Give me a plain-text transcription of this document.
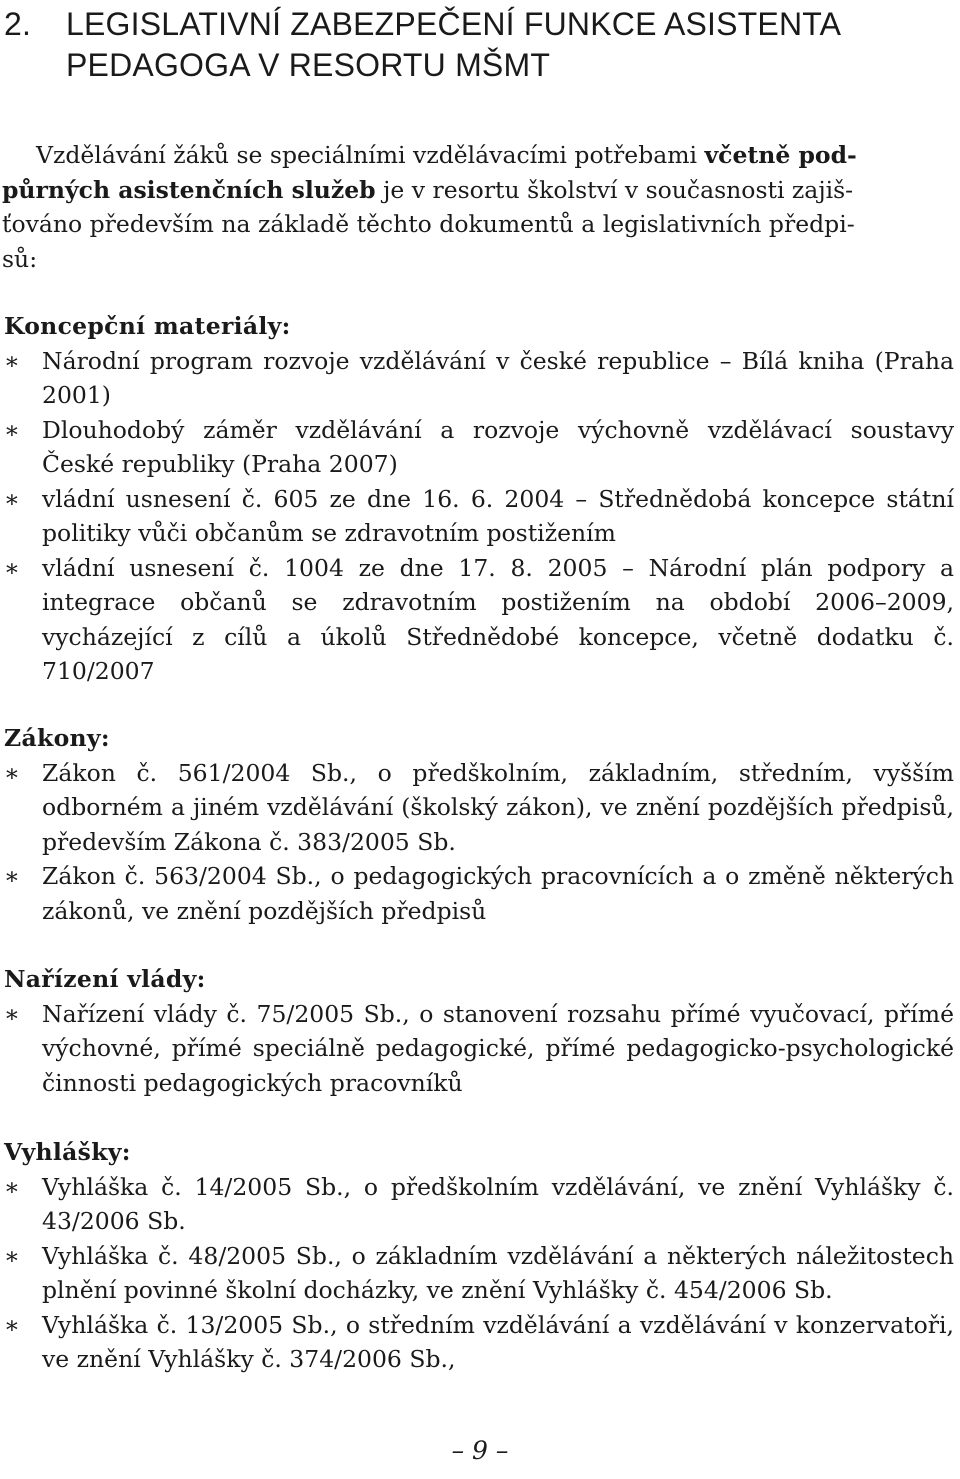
2. LEGISLATIVNÍ ZABEZPEČENÍ FUNKCE ASISTENTA
PEDAGOGA V RESORTU MŠMT

Vzdělávání žáků se speciálními vzdělávacími potřebami včetně pod-
půrných asistenčních služeb je v resortu školství v současnosti zajiš-
ťováno především na základě těchto dokumentů a legislativních předpi-
sů:

Koncepční materiály:
∗ Národní program rozvoje vzdělávání v české republice – Bílá kniha (Praha 2001)
∗ Dlouhodobý záměr vzdělávání a rozvoje výchovně vzdělávací soustavy České republiky (Praha 2007)
∗ vládní usnesení č. 605 ze dne 16. 6. 2004 – Střednědobá koncepce státní politiky vůči občanům se zdravotním postižením
∗ vládní usnesení č. 1004 ze dne 17. 8. 2005 – Národní plán podpory a integrace občanů se zdravotním postižením na období 2006–2009, vycházející z cílů a úkolů Střednědobé koncepce, včetně dodatku č. 710/2007
Zákony:
∗ Zákon č. 561/2004 Sb., o předškolním, základním, středním, vyšším odborném a jiném vzdělávání (školský zákon), ve znění pozdějších předpisů, především Zákona č. 383/2005 Sb.
∗ Zákon č. 563/2004 Sb., o pedagogických pracovnících a o změně některých zákonů, ve znění pozdějších předpisů
Nařízení vlády:
∗ Nařízení vlády č. 75/2005 Sb., o stanovení rozsahu přímé vyučovací, přímé výchovné, přímé speciálně pedagogické, přímé pedagogicko-psychologické činnosti pedagogických pracovníků
Vyhlášky:
∗ Vyhláška č. 14/2005 Sb., o předškolním vzdělávání, ve znění Vyhlášky č. 43/2006 Sb.
∗ Vyhláška č. 48/2005 Sb., o základním vzdělávání a některých náležitostech plnění povinné školní docházky, ve znění Vyhlášky č. 454/2006 Sb.
∗ Vyhláška č. 13/2005 Sb., o středním vzdělávání a vzdělávání v konzervatoři, ve znění Vyhlášky č. 374/2006 Sb.,
– 9 –
